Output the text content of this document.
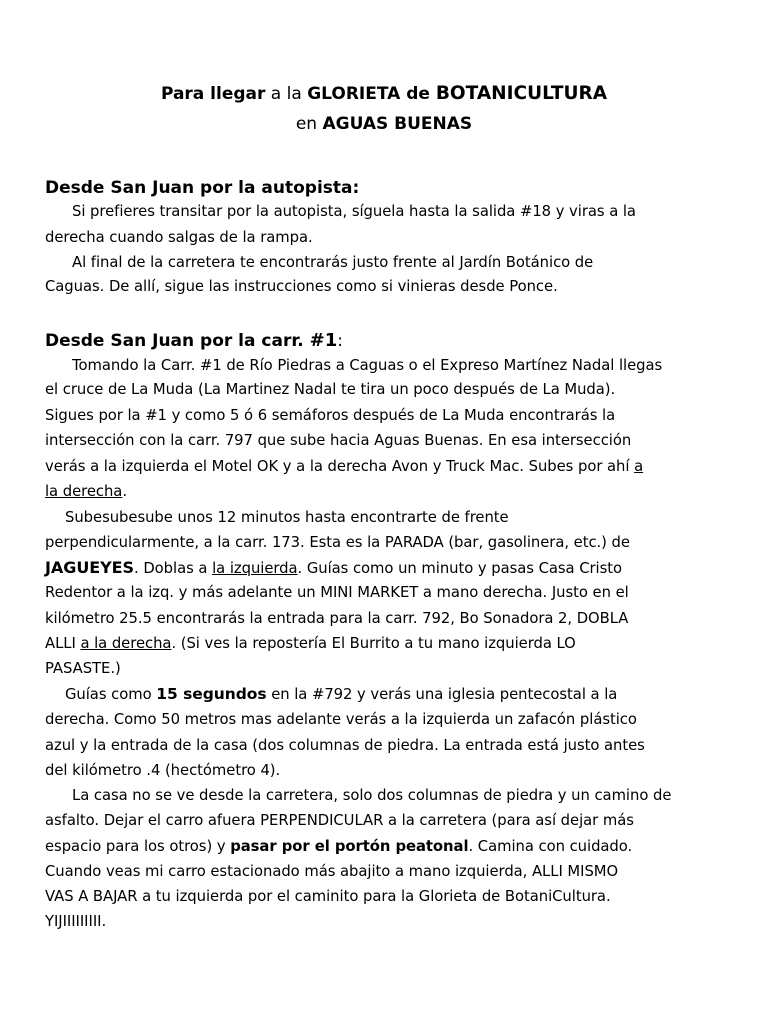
Para llegar a la GLORIETA de BOTANICULTURA
en AGUAS BUENAS
Desde San Juan por la autopista:
Si prefieres transitar por la autopista, síguela hasta la salida #18 y viras a la
derecha cuando salgas de la rampa.
Al final de la carretera te encontrarás justo frente al Jardín Botánico de
Caguas. De allí, sigue las instrucciones como si vinieras desde Ponce.
Desde San Juan por la carr. #1:
Tomando la Carr. #1 de Río Piedras a Caguas o el Expreso Martínez Nadal llegas
el cruce de La Muda (La Martinez Nadal te tira un poco después de La Muda).
Sigues por la #1 y como 5 ó 6 semáforos después de La Muda encontrarás la
intersección con la carr. 797 que sube hacia Aguas Buenas. En esa intersección
verás a la izquierda el Motel OK y a la derecha Avon y Truck Mac. Subes por ahí a
la derecha.
Subesubesube unos 12 minutos hasta encontrarte de frente
perpendicularmente, a la carr. 173. Esta es la PARADA (bar, gasolinera, etc.) de
JAGUEYES. Doblas a la izquierda. Guías como un minuto y pasas Casa Cristo
Redentor a la izq. y más adelante un MINI MARKET a mano derecha. Justo en el
kilómetro 25.5 encontrarás la entrada para la carr. 792, Bo Sonadora 2, DOBLA
ALLI a la derecha. (Si ves la repostería El Burrito a tu mano izquierda LO
PASASTE.)
Guías como 15 segundos en la #792 y verás una iglesia pentecostal a la
derecha. Como 50 metros mas adelante verás a la izquierda un zafacón plástico
azul y la entrada de la casa (dos columnas de piedra. La entrada está justo antes
del kilómetro .4 (hectómetro 4).
La casa no se ve desde la carretera, solo dos columnas de piedra y un camino de
asfalto. Dejar el carro afuera PERPENDICULAR a la carretera (para así dejar más
espacio para los otros) y pasar por el portón peatonal. Camina con cuidado.
Cuando veas mi carro estacionado más abajito a mano izquierda, ALLI MISMO
VAS A BAJAR a tu izquierda por el caminito para la Glorieta de BotaniCultura.
YIJIIIIIIIII.
